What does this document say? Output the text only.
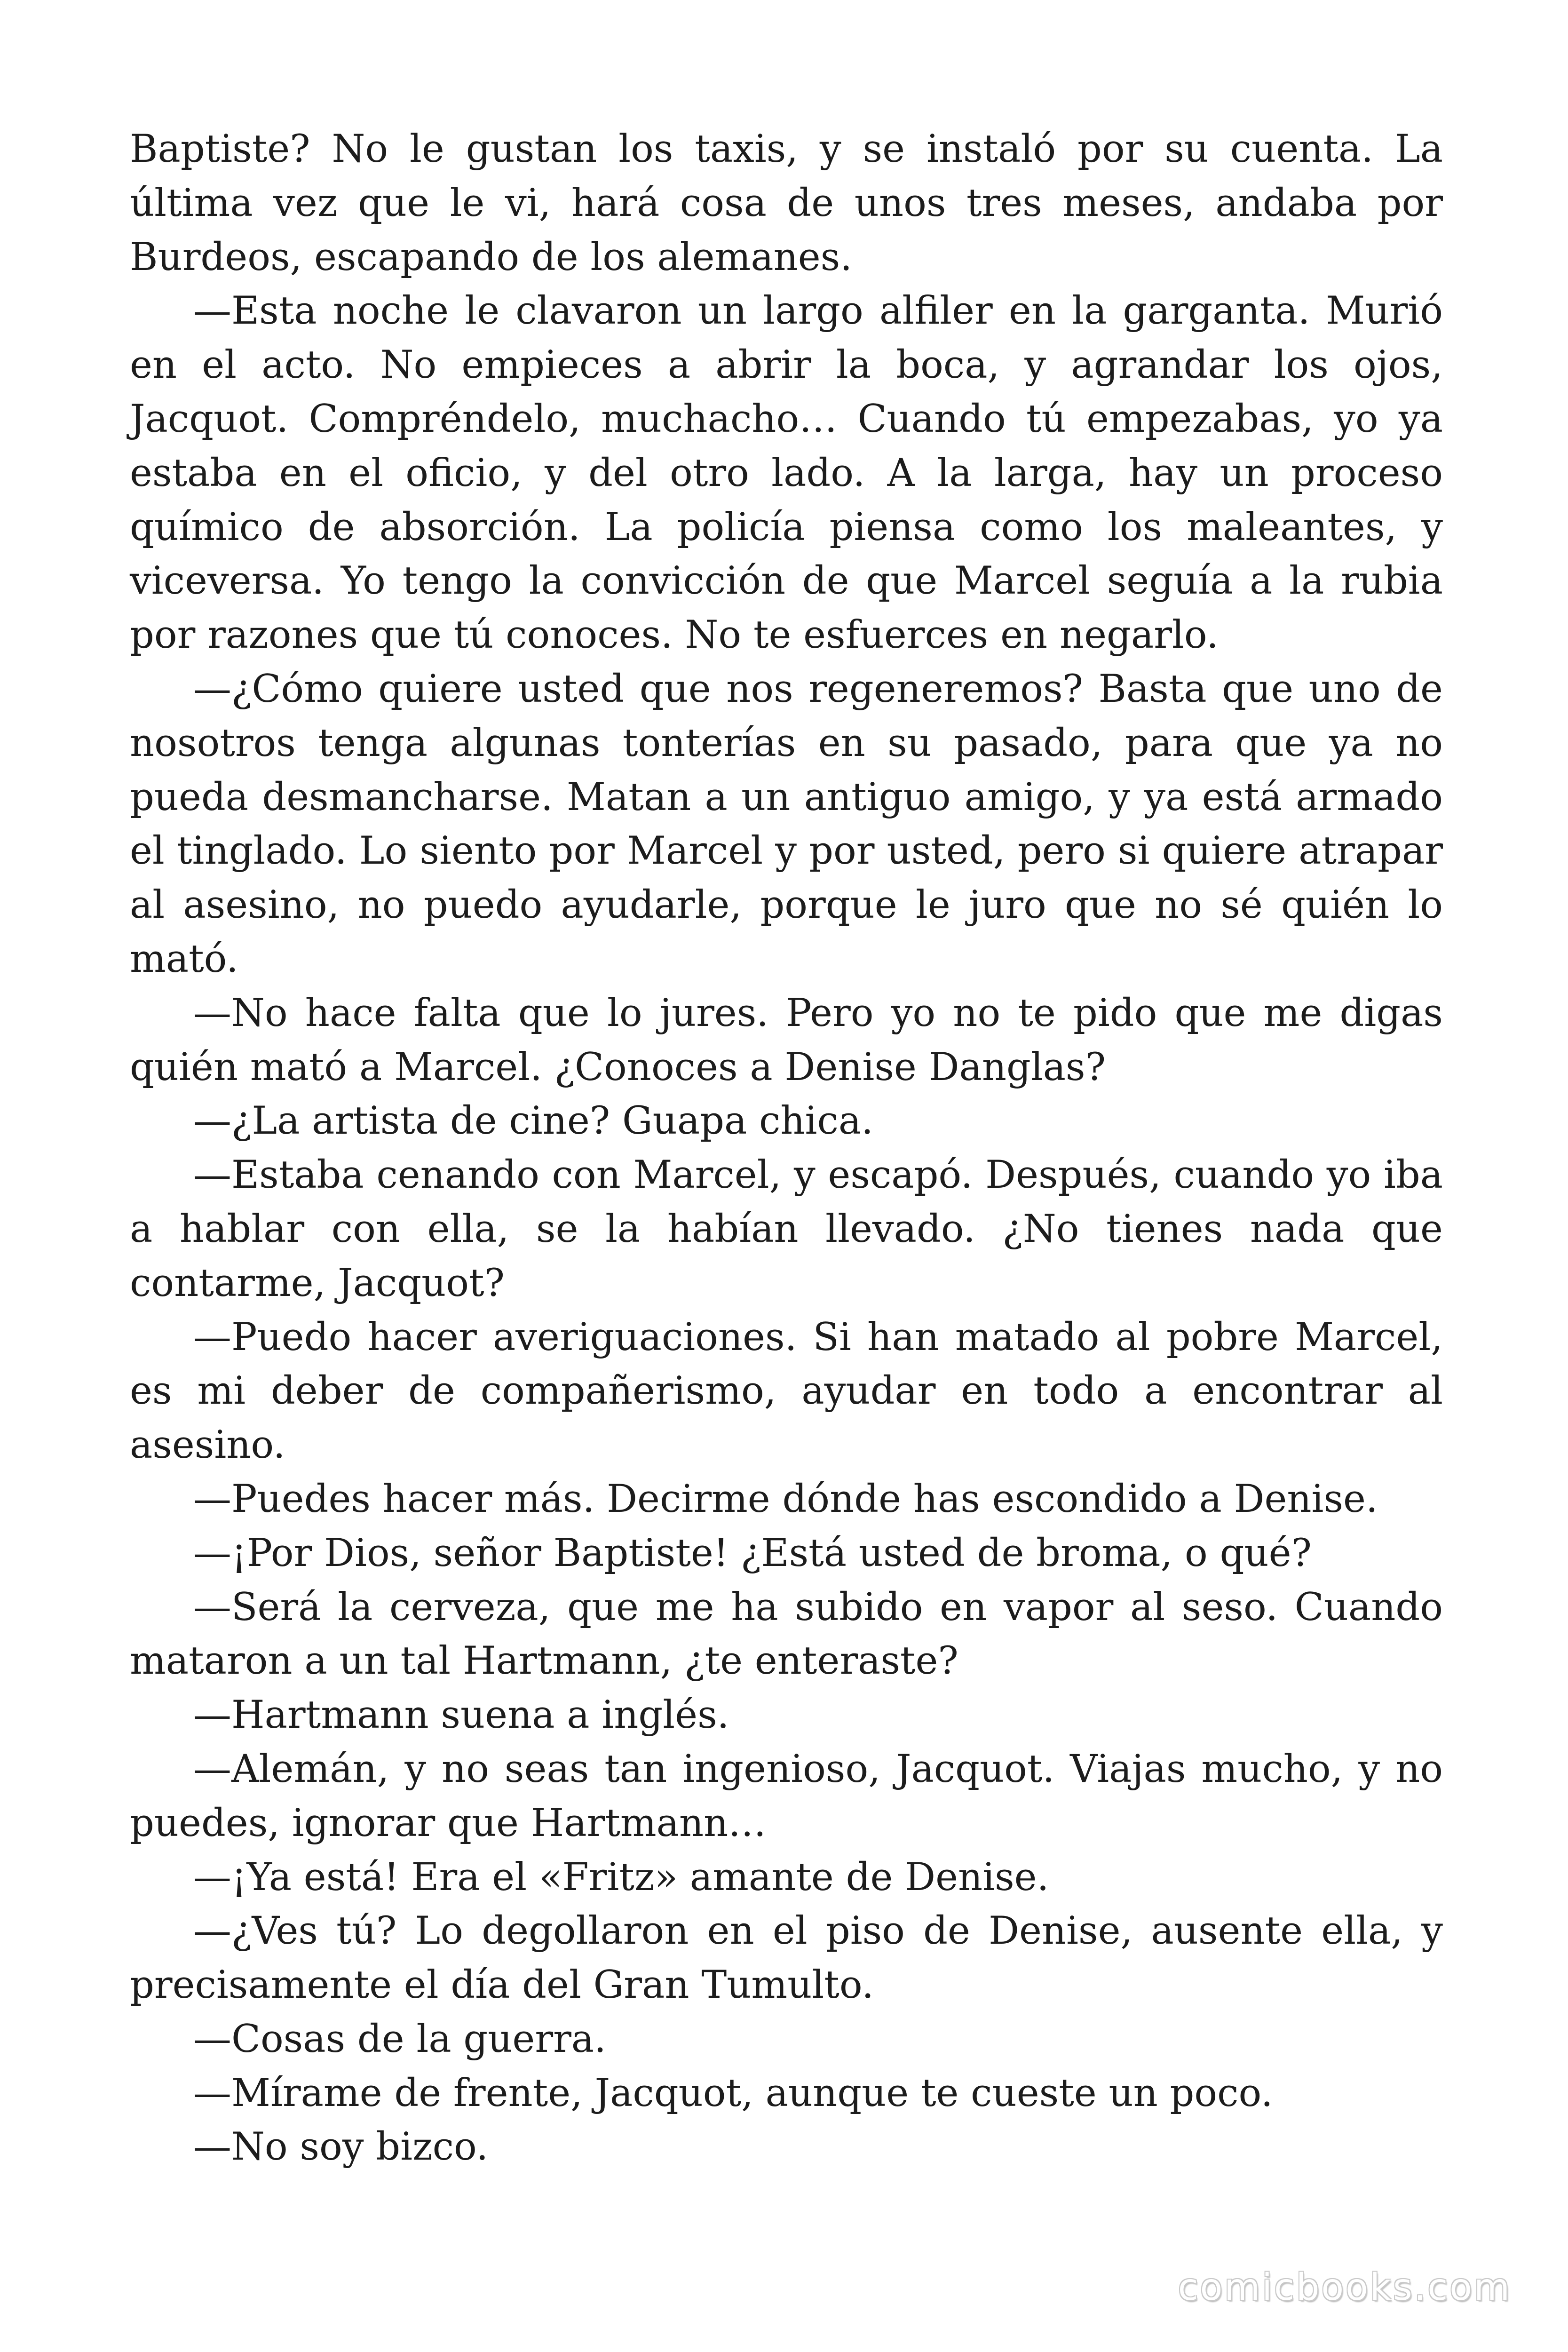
Baptiste? No le gustan los taxis, y se instaló por su cuenta. La última vez que le vi, hará cosa de unos tres meses, andaba por Burdeos, escapando de los alemanes.

—Esta noche le clavaron un largo alfiler en la garganta. Murió en el acto. No empieces a abrir la boca, y agrandar los ojos, Jacquot. Compréndelo, muchacho… Cuando tú empezabas, yo ya estaba en el oficio, y del otro lado. A la larga, hay un proceso químico de absorción. La policía piensa como los maleantes, y viceversa. Yo tengo la convicción de que Marcel seguía a la rubia por razones que tú conoces. No te esfuerces en negarlo.

—¿Cómo quiere usted que nos regeneremos? Basta que uno de nosotros tenga algunas tonterías en su pasado, para que ya no pueda desmancharse. Matan a un antiguo amigo, y ya está armado el tinglado. Lo siento por Marcel y por usted, pero si quiere atrapar al asesino, no puedo ayudarle, porque le juro que no sé quién lo mató.

—No hace falta que lo jures. Pero yo no te pido que me digas quién mató a Marcel. ¿Conoces a Denise Danglas?

—¿La artista de cine? Guapa chica.

—Estaba cenando con Marcel, y escapó. Después, cuando yo iba a hablar con ella, se la habían llevado. ¿No tienes nada que contarme, Jacquot?

—Puedo hacer averiguaciones. Si han matado al pobre Marcel, es mi deber de compañerismo, ayudar en todo a encontrar al asesino.

—Puedes hacer más. Decirme dónde has escondido a Denise.

—¡Por Dios, señor Baptiste! ¿Está usted de broma, o qué?

—Será la cerveza, que me ha subido en vapor al seso. Cuando mataron a un tal Hartmann, ¿te enteraste?

—Hartmann suena a inglés.

—Alemán, y no seas tan ingenioso, Jacquot. Viajas mucho, y no puedes, ignorar que Hartmann…

—¡Ya está! Era el «Fritz» amante de Denise.

—¿Ves tú? Lo degollaron en el piso de Denise, ausente ella, y precisamente el día del Gran Tumulto.

—Cosas de la guerra.

—Mírame de frente, Jacquot, aunque te cueste un poco.

—No soy bizco.

comicbooks.com
